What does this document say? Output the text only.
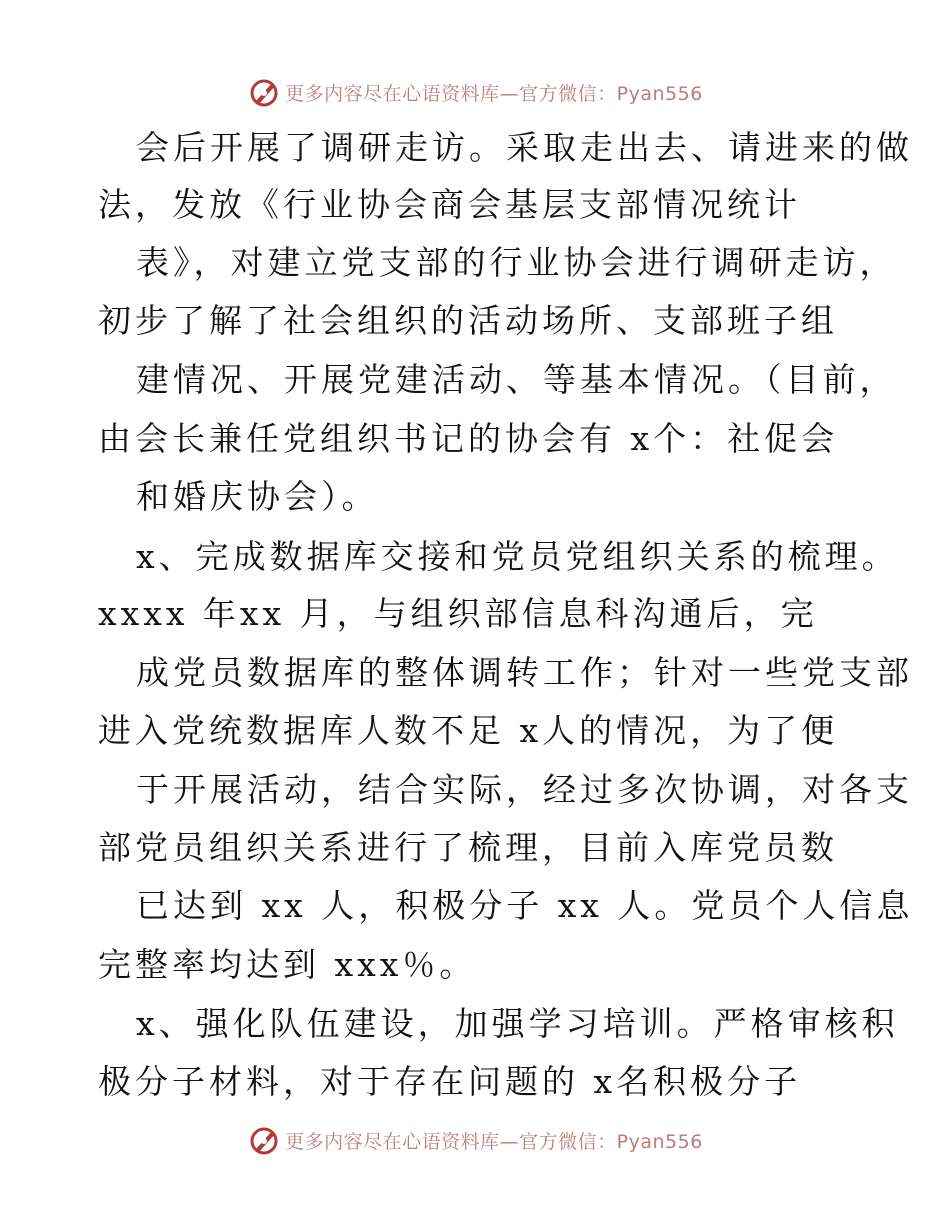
更多内容尽在心语资料库—官方微信：Pyan556
会后开展了调研走访。采取走出去、请进来的做
法，发放《行业协会商会基层支部情况统计
表》，对建立党支部的行业协会进行调研走访，
初步了解了社会组织的活动场所、支部班子组
建情况、开展党建活动、等基本情况。（目前，
由会长兼任党组织书记的协会有 x个：社促会
和婚庆协会）。
x、完成数据库交接和党员党组织关系的梳理。
xxxx 年xx 月，与组织部信息科沟通后，完
成党员数据库的整体调转工作；针对一些党支部
进入党统数据库人数不足 x人的情况，为了便
于开展活动，结合实际，经过多次协调，对各支
部党员组织关系进行了梳理，目前入库党员数
已达到 xx 人，积极分子 xx 人。党员个人信息
完整率均达到 xxx％。
x、强化队伍建设，加强学习培训。严格审核积
极分子材料，对于存在问题的 x名积极分子
更多内容尽在心语资料库—官方微信：Pyan556
